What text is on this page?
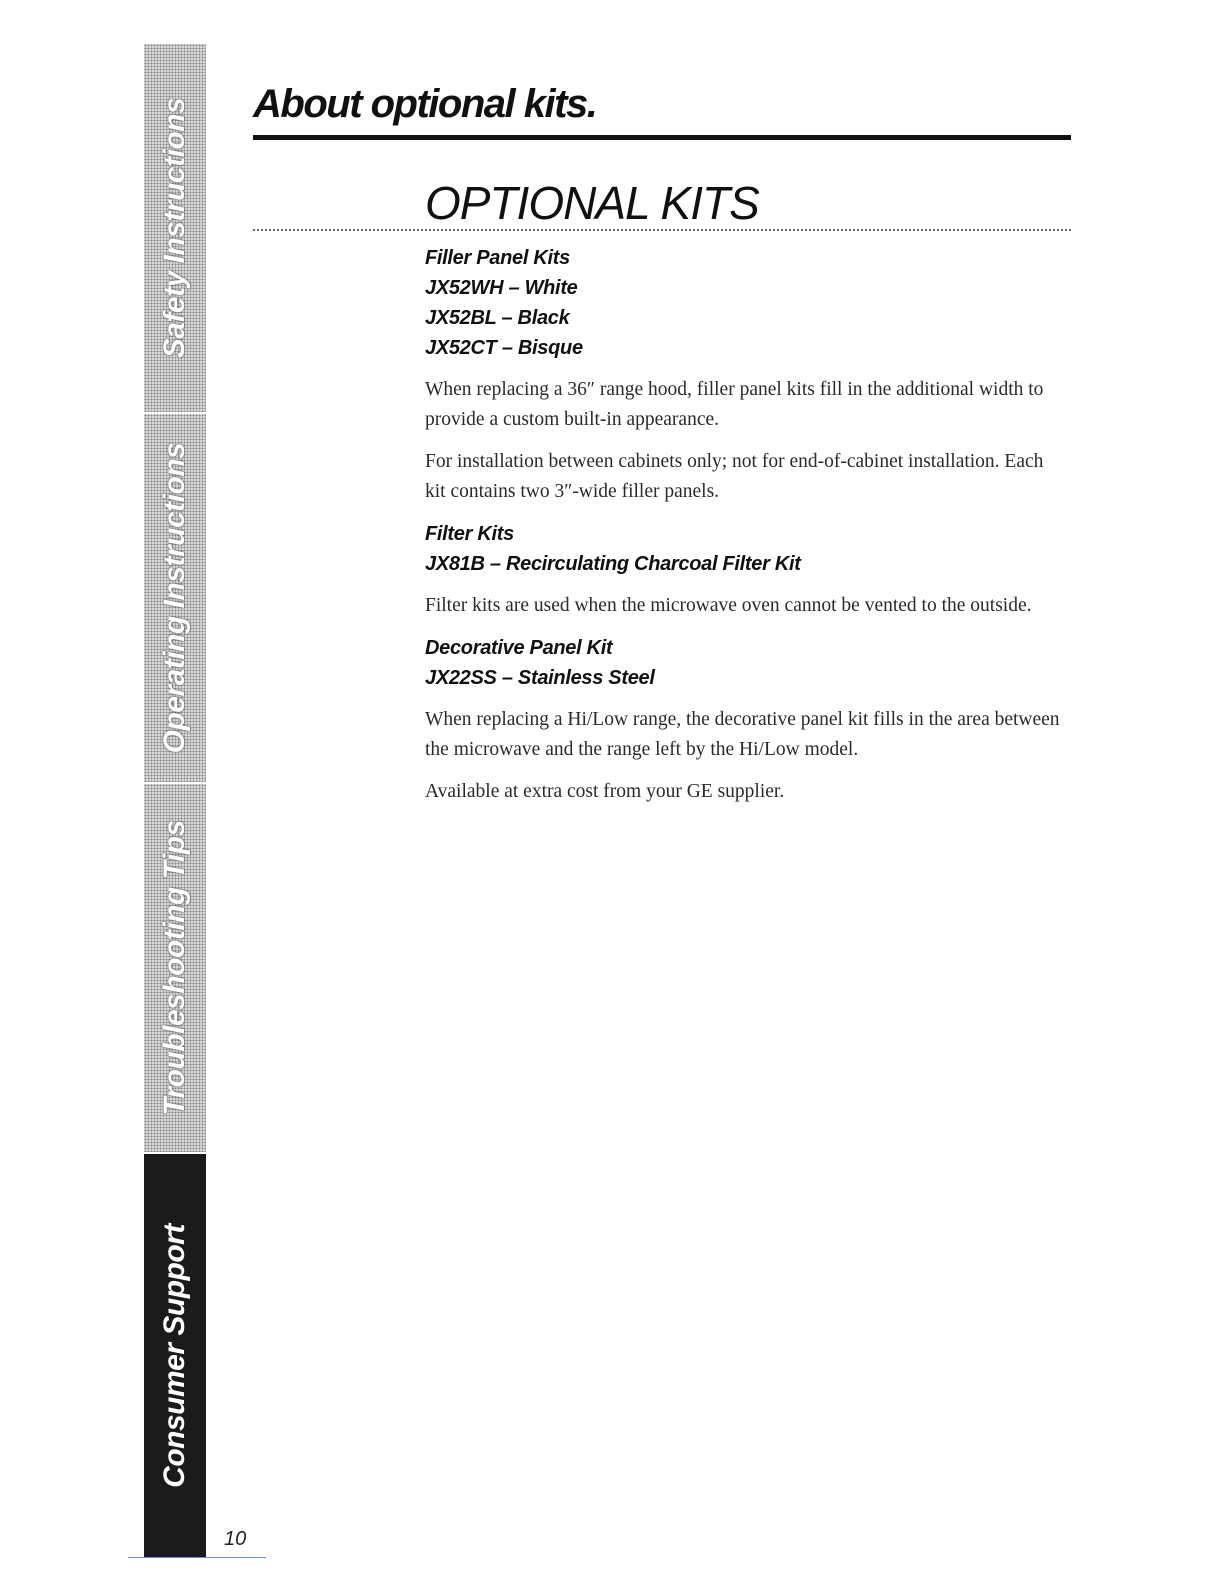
Safety Instructions
Operating Instructions
Troubleshooting Tips
Consumer Support
10
About optional kits.
OPTIONAL KITS
Filler Panel Kits
JX52WH – White
JX52BL – Black
JX52CT – Bisque

When replacing a 36″ range hood, filler panel kits fill in the additional width to provide a custom built-in appearance.

For installation between cabinets only; not for end-of-cabinet installation. Each kit contains two 3″-wide filler panels.

Filter Kits
JX81B – Recirculating Charcoal Filter Kit

Filter kits are used when the microwave oven cannot be vented to the outside.

Decorative Panel Kit
JX22SS – Stainless Steel

When replacing a Hi/Low range, the decorative panel kit fills in the area between the microwave and the range left by the Hi/Low model.

Available at extra cost from your GE supplier.
